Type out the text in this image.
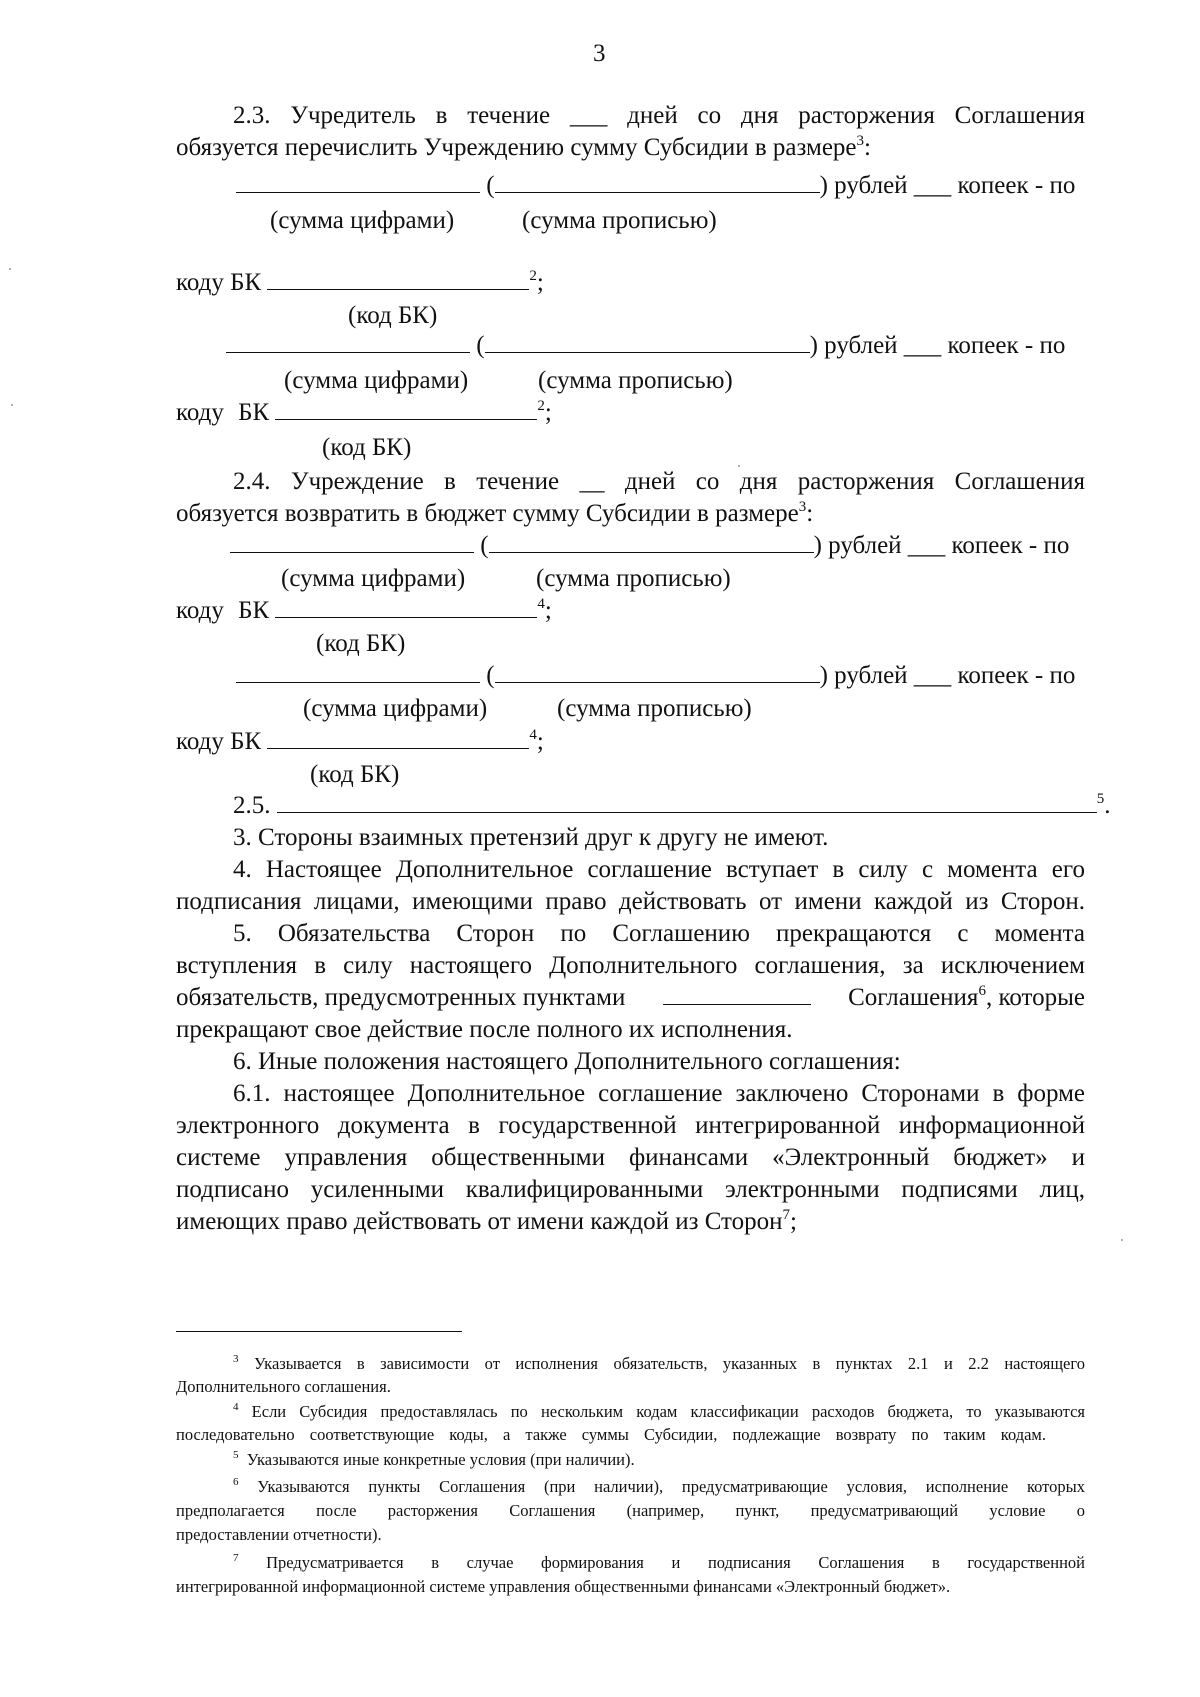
3
2.3. Учредитель в течение ___ дней со дня расторжения Соглашения
обязуется перечислить Учреждению сумму Субсидии в размере$^3$:
(	) рублей ___ копеек - по
(сумма цифрами)	(сумма прописью)
коду БК	$^2$;
(код БК)
(	) рублей ___ копеек - по
(сумма цифрами)	(сумма прописью)
коду БК	$^2$;
(код БК)
2.4. Учреждение в течение __ дней со дня расторжения Соглашения
обязуется возвратить в бюджет сумму Субсидии в размере$^3$:
(	) рублей ___ копеек - по
(сумма цифрами)	(сумма прописью)
коду БК	$^4$;
(код БК)
(	) рублей ___ копеек - по
(сумма цифрами)	(сумма прописью)
коду БК	$^4$;
(код БК)
2.5.	$^5$.
3. Стороны взаимных претензий друг к другу не имеют.
4. Настоящее Дополнительное соглашение вступает в силу с момента его
подписания лицами, имеющими право действовать от имени каждой из Сторон.
5. Обязательства Сторон по Соглашению прекращаются с момента
вступления в силу настоящего Дополнительного соглашения, за исключением
обязательств, предусмотренных пунктами	Соглашения$^6$, которые
прекращают свое действие после полного их исполнения.
6. Иные положения настоящего Дополнительного соглашения:
6.1. настоящее Дополнительное соглашение заключено Сторонами в форме
электронного документа в государственной интегрированной информационной
системе управления общественными финансами «Электронный бюджет» и
подписано усиленными квалифицированными электронными подписями лиц,
имеющих право действовать от имени каждой из Сторон$^7$;
$^3$ Указывается в зависимости от исполнения обязательств, указанных в пунктах 2.1 и 2.2 настоящего
Дополнительного соглашения.
$^4$ Если Субсидия предоставлялась по нескольким кодам классификации расходов бюджета, то указываются
последовательно соответствующие коды, а также суммы Субсидии, подлежащие возврату по таким кодам.
$^5$ Указываются иные конкретные условия (при наличии).
$^6$ Указываются пункты Соглашения (при наличии), предусматривающие условия, исполнение которых
предполагается после расторжения Соглашения (например, пункт, предусматривающий условие о
предоставлении отчетности).
$^7$ Предусматривается в случае формирования и подписания Соглашения в государственной
интегрированной информационной системе управления общественными финансами «Электронный бюджет».
